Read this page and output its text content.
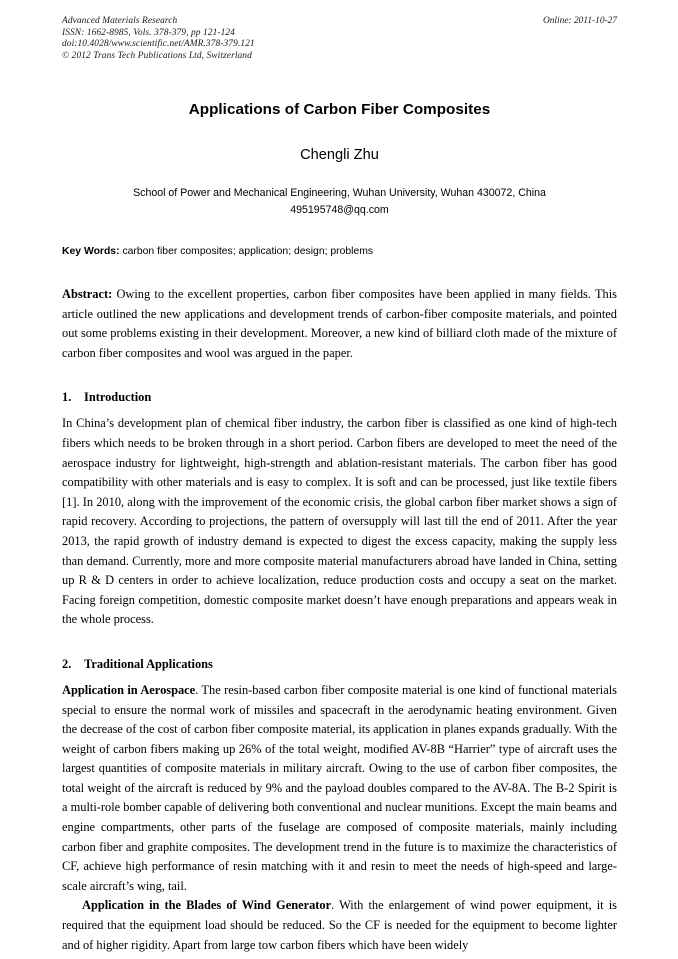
Advanced Materials Research
ISSN: 1662-8985, Vols. 378-379, pp 121-124
doi:10.4028/www.scientific.net/AMR.378-379.121
© 2012 Trans Tech Publications Ltd, Switzerland
Online: 2011-10-27
Applications of Carbon Fiber Composites
Chengli Zhu
School of Power and Mechanical Engineering, Wuhan University, Wuhan 430072, China
495195748@qq.com
Key Words: carbon fiber composites; application; design; problems
Abstract: Owing to the excellent properties, carbon fiber composites have been applied in many fields. This article outlined the new applications and development trends of carbon-fiber composite materials, and pointed out some problems existing in their development. Moreover, a new kind of billiard cloth made of the mixture of carbon fiber composites and wool was argued in the paper.
1. Introduction

In China’s development plan of chemical fiber industry, the carbon fiber is classified as one kind of high-tech fibers which needs to be broken through in a short period. Carbon fibers are developed to meet the need of the aerospace industry for lightweight, high-strength and ablation-resistant materials. The carbon fiber has good compatibility with other materials and is easy to complex. It is soft and can be processed, just like textile fibers [1]. In 2010, along with the improvement of the economic crisis, the global carbon fiber market shows a sign of rapid recovery. According to projections, the pattern of oversupply will last till the end of 2011. After the year 2013, the rapid growth of industry demand is expected to digest the excess capacity, making the supply less than demand. Currently, more and more composite material manufacturers abroad have landed in China, setting up R & D centers in order to achieve localization, reduce production costs and occupy a seat on the market. Facing foreign competition, domestic composite market doesn’t have enough preparations and appears weak in the whole process.

2. Traditional Applications

Application in Aerospace. The resin-based carbon fiber composite material is one kind of functional materials special to ensure the normal work of missiles and spacecraft in the aerodynamic heating environment. Given the decrease of the cost of carbon fiber composite material, its application in planes expands gradually. With the weight of carbon fibers making up 26% of the total weight, modified AV-8B “Harrier” type of aircraft uses the largest quantities of composite materials in military aircraft. Owing to the use of carbon fiber composites, the total weight of the aircraft is reduced by 9% and the payload doubles compared to the AV-8A. The B-2 Spirit is a multi-role bomber capable of delivering both conventional and nuclear munitions. Except the main beams and engine compartments, other parts of the fuselage are composed of composite materials, mainly including carbon fiber and graphite composites. The development trend in the future is to maximize the characteristics of CF, achieve high performance of resin matching with it and resin to meet the needs of high-speed and large-scale aircraft’s wing, tail.

Application in the Blades of Wind Generator. With the enlargement of wind power equipment, it is required that the equipment load should be reduced. So the CF is needed for the equipment to become lighter and of higher rigidity. Apart from large tow carbon fibers which have been widely
